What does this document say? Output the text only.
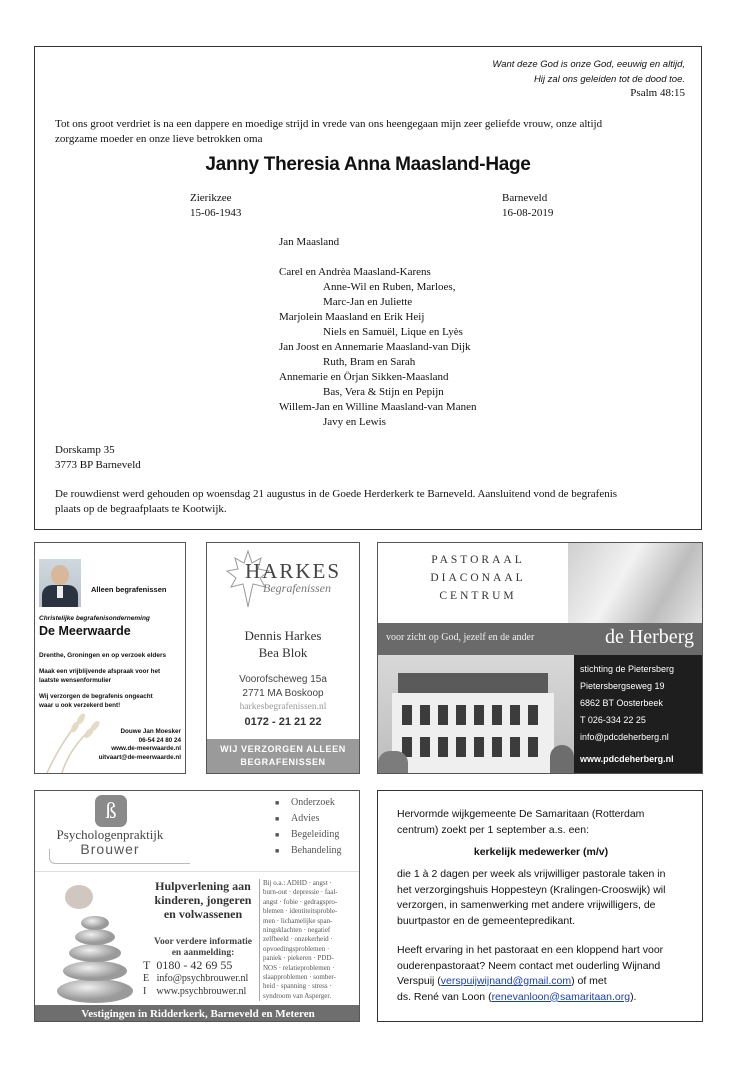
Want deze God is onze God, eeuwig en altijd,
Hij zal ons geleiden tot de dood toe.
Psalm 48:15
Tot ons groot verdriet is na een dappere en moedige strijd in vrede van ons heengegaan mijn zeer geliefde vrouw, onze altijd
zorgzame moeder en onze lieve betrokken oma
Janny Theresia Anna Maasland-Hage
Zierikzee
15-06-1943
Barneveld
16-08-2019
Jan Maasland
Carel en Andrèa Maasland-Karens
Anne-Wil en Ruben, Marloes,
Marc-Jan en Juliette
Marjolein Maasland en Erik Heij
Niels en Samuël, Lique en Lyès
Jan Joost en Annemarie Maasland-van Dijk
Ruth, Bram en Sarah
Annemarie en Örjan Sikken-Maasland
Bas, Vera & Stijn en Pepijn
Willem-Jan en Willine Maasland-van Manen
Javy en Lewis
Dorskamp 35
3773 BP Barneveld
De rouwdienst werd gehouden op woensdag 21 augustus in de Goede Herderkerk te Barneveld. Aansluitend vond de begrafenis
plaats op de begraafplaats te Kootwijk.
Alleen begrafenissen
Christelijke begrafenisonderneming
De Meerwaarde
Drenthe, Groningen en op verzoek elders
Maak een vrijblijvende afspraak voor het
laatste wensenformulier
Wij verzorgen de begrafenis ongeacht
waar u ook verzekerd bent!
Douwe Jan Moesker
06-54 24 80 24
www.de-meerwaarde.nl
uitvaart@de-meerwaarde.nl
HARKES
Begrafenissen
Dennis Harkes
Bea Blok
Voorofscheweg 15a
2771 MA Boskoop
harkesbegrafenissen.nl
0172 - 21 21 22
WIJ VERZORGEN ALLEEN
BEGRAFENISSEN
PASTORAAL
DIACONAAL
CENTRUM
voor zicht op God, jezelf en de ander	de Herberg
stichting de Pietersberg
Pietersbergseweg 19
6862 BT Oosterbeek
T 026-334 22 25
info@pdcdeherberg.nl
www.pdcdeherberg.nl
ß
Psychologenpraktijk
Brouwer
■ Onderzoek
■ Advies
■ Begeleiding
■ Behandeling
Hulpverlening aan
kinderen, jongeren
en volwassenen
Voor verdere informatie
en aanmelding:
T 0180 - 42 69 55
E info@psychbrouwer.nl
I www.psychbrouwer.nl
Bij o.a.: ADHD · angst ·
burn-out · depressie · faal-
angst · fobie · gedragspro-
blemen · identiteitsproble-
men · lichamelijke span-
ningsklachten · negatief
zelfbeeld · onzekerheid ·
opvoedingsproblemen ·
paniek · piekeren · PDD-
NOS · relatieproblemen ·
slaapproblemen · somber-
heid · spanning · stress ·
syndroom van Asperger.
Vestigingen in Ridderkerk, Barneveld en Meteren
Hervormde wijkgemeente De Samaritaan (Rotterdam
centrum) zoekt per 1 september a.s. een:
kerkelijk medewerker (m/v)
die 1 à 2 dagen per week als vrijwilliger pastorale taken in
het verzorgingshuis Hoppesteyn (Kralingen-Crooswijk) wil
verzorgen, in samenwerking met andere vrijwilligers, de
buurtpastor en de gemeentepredikant.
Heeft ervaring in het pastoraat en een kloppend hart voor
ouderenpastoraat? Neem contact met ouderling Wijnand
Verspuij (verspuijwijnand@gmail.com) of met
ds. René van Loon (renevanloon@samaritaan.org).
